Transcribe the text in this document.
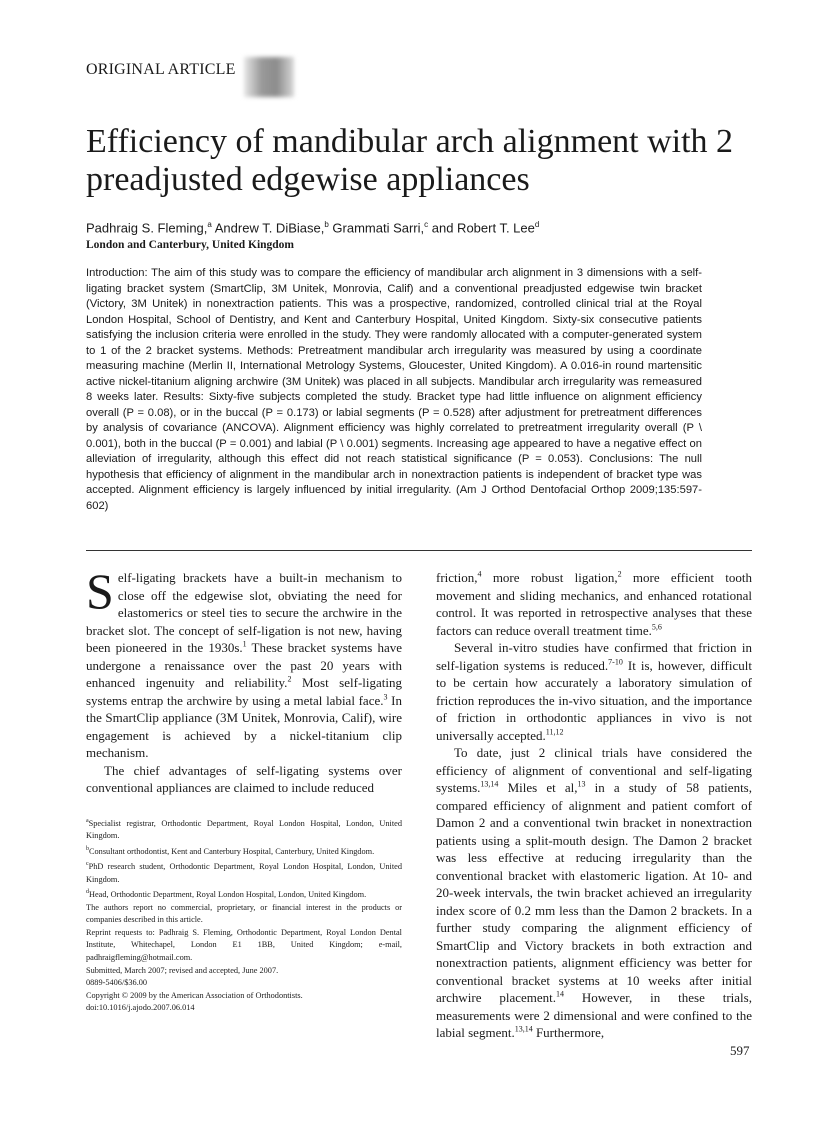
ORIGINAL ARTICLE
Efficiency of mandibular arch alignment with 2 preadjusted edgewise appliances
Padhraig S. Fleming,$^a$ Andrew T. DiBiase,$^b$ Grammati Sarri,$^c$ and Robert T. Lee$^d$
London and Canterbury, United Kingdom

Introduction: The aim of this study was to compare the efficiency of mandibular arch alignment in 3 dimensions with a self-ligating bracket system (SmartClip, 3M Unitek, Monrovia, Calif) and a conventional preadjusted edgewise twin bracket (Victory, 3M Unitek) in nonextraction patients. This was a prospective, randomized, controlled clinical trial at the Royal London Hospital, School of Dentistry, and Kent and Canterbury Hospital, United Kingdom. Sixty-six consecutive patients satisfying the inclusion criteria were enrolled in the study. They were randomly allocated with a computer-generated system to 1 of the 2 bracket systems. Methods: Pretreatment mandibular arch irregularity was measured by using a coordinate measuring machine (Merlin II, International Metrology Systems, Gloucester, United Kingdom). A 0.016-in round martensitic active nickel-titanium aligning archwire (3M Unitek) was placed in all subjects. Mandibular arch irregularity was remeasured 8 weeks later. Results: Sixty-five subjects completed the study. Bracket type had little influence on alignment efficiency overall (P = 0.08), or in the buccal (P = 0.173) or labial segments (P = 0.528) after adjustment for pretreatment differences by analysis of covariance (ANCOVA). Alignment efficiency was highly correlated to pretreatment irregularity overall (P \ 0.001), both in the buccal (P = 0.001) and labial (P \ 0.001) segments. Increasing age appeared to have a negative effect on alleviation of irregularity, although this effect did not reach statistical significance (P = 0.053). Conclusions: The null hypothesis that efficiency of alignment in the mandibular arch in nonextraction patients is independent of bracket type was accepted. Alignment efficiency is largely influenced by initial irregularity. (Am J Orthod Dentofacial Orthop 2009;135:597-602)

Self-ligating brackets have a built-in mechanism to close off the edgewise slot, obviating the need for elastomerics or steel ties to secure the archwire in the bracket slot. The concept of self-ligation is not new, having been pioneered in the 1930s.$^1$ These bracket systems have undergone a renaissance over the past 20 years with enhanced ingenuity and reliability.$^2$ Most self-ligating systems entrap the archwire by using a metal labial face.$^3$ In the SmartClip appliance (3M Unitek, Monrovia, Calif), wire engagement is achieved by a nickel-titanium clip mechanism.

The chief advantages of self-ligating systems over conventional appliances are claimed to include reduced

$^a$Specialist registrar, Orthodontic Department, Royal London Hospital, London, United Kingdom.
$^b$Consultant orthodontist, Kent and Canterbury Hospital, Canterbury, United Kingdom.
$^c$PhD research student, Orthodontic Department, Royal London Hospital, London, United Kingdom.
$^d$Head, Orthodontic Department, Royal London Hospital, London, United Kingdom.
The authors report no commercial, proprietary, or financial interest in the products or companies described in this article.
Reprint requests to: Padhraig S. Fleming, Orthodontic Department, Royal London Dental Institute, Whitechapel, London E1 1BB, United Kingdom; e-mail, padhraigfleming@hotmail.com.
Submitted, March 2007; revised and accepted, June 2007.
0889-5406/$36.00
Copyright © 2009 by the American Association of Orthodontists.
doi:10.1016/j.ajodo.2007.06.014

friction,$^4$ more robust ligation,$^2$ more efficient tooth movement and sliding mechanics, and enhanced rotational control. It was reported in retrospective analyses that these factors can reduce overall treatment time.$^{5,6}$

Several in-vitro studies have confirmed that friction in self-ligation systems is reduced.$^{7-10}$ It is, however, difficult to be certain how accurately a laboratory simulation of friction reproduces the in-vivo situation, and the importance of friction in orthodontic appliances in vivo is not universally accepted.$^{11,12}$

To date, just 2 clinical trials have considered the efficiency of alignment of conventional and self-ligating systems.$^{13,14}$ Miles et al,$^{13}$ in a study of 58 patients, compared efficiency of alignment and patient comfort of Damon 2 and a conventional twin bracket in nonextraction patients using a split-mouth design. The Damon 2 bracket was less effective at reducing irregularity than the conventional bracket with elastomeric ligation. At 10- and 20-week intervals, the twin bracket achieved an irregularity index score of 0.2 mm less than the Damon 2 brackets. In a further study comparing the alignment efficiency of SmartClip and Victory brackets in both extraction and nonextraction patients, alignment efficiency was better for conventional bracket systems at 10 weeks after initial archwire placement.$^{14}$ However, in these trials, measurements were 2 dimensional and were confined to the labial segment.$^{13,14}$ Furthermore,

597
